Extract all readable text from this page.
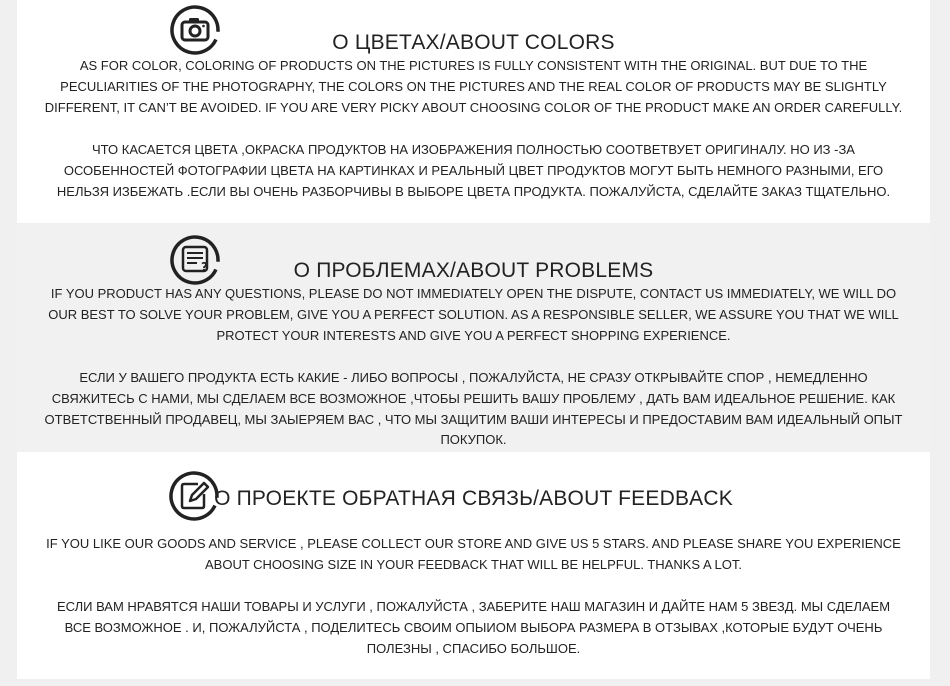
О ЦВЕТАХ/ABOUT COLORS
AS FOR COLOR, COLORING OF PRODUCTS ON THE PICTURES IS FULLY CONSISTENT WITH THE ORIGINAL. BUT DUE TO THE PECULIARITIES OF THE PHOTOGRAPHY, THE COLORS ON THE PICTURES AND THE REAL COLOR OF PRODUCTS MAY BE SLIGHTLY DIFFERENT, IT CAN’T BE AVOIDED. IF YOU ARE VERY PICKY ABOUT CHOOSING COLOR OF THE PRODUCT MAKE AN ORDER CAREFULLY.
ЧТО КАСАЕТСЯ ЦВЕТА ,ОКРАСКА ПРОДУКТОВ НА ИЗОБРАЖЕНИЯ ПОЛНОСТЬЮ СООТВЕТВУЕТ ОРИГИНАЛУ. НО ИЗ -ЗА ОСОБЕННОСТЕЙ ФОТОГРАФИИ ЦВЕТА НА КАРТИНКАХ И РЕАЛЬНЫЙ ЦВЕТ ПРОДУКТОВ МОГУТ БЫТЬ НЕМНОГО РАЗНЫМИ, ЕГО НЕЛЬЗЯ ИЗБЕЖАТЬ .ЕСЛИ ВЫ ОЧЕНЬ РАЗБОРЧИВЫ В ВЫБОРЕ ЦВЕТА ПРОДУКТА. ПОЖАЛУЙСТА, СДЕЛАЙТЕ ЗАКАЗ ТЩАТЕЛЬНО.
?	О ПРОБЛЕМАХ/ABOUT PROBLEMS
IF YOU PRODUCT HAS ANY QUESTIONS, PLEASE DO NOT IMMEDIATELY OPEN THE DISPUTE, CONTACT US IMMEDIATELY, WE WILL DO OUR BEST TO SOLVE YOUR PROBLEM, GIVE YOU A PERFECT SOLUTION. AS A RESPONSIBLE SELLER, WE ASSURE YOU THAT WE WILL PROTECT YOUR INTERESTS AND GIVE YOU A PERFECT SHOPPING EXPERIENCE.
ЕСЛИ У ВАШЕГО ПРОДУКТА ЕСТЬ КАКИЕ - ЛИБО ВОПРОСЫ , ПОЖАЛУЙСТА, НЕ СРАЗУ ОТКРЫВАЙТЕ СПОР , НЕМЕДЛЕННО СВЯЖИТЕСЬ С НАМИ, МЫ СДЕЛАЕМ ВСЕ ВОЗМОЖНОЕ ,ЧТОБЫ РЕШИТЬ ВАШУ ПРОБЛЕМУ , ДАТЬ ВАМ ИДЕАЛЬНОЕ РЕШЕНИЕ. КАК ОТВЕТСТВЕННЫЙ ПРОДАВЕЦ, МЫ ЗАЫЕРЯЕМ ВАС , ЧТО МЫ ЗАЩИТИМ ВАШИ ИНТЕРЕСЫ И ПРЕДОСТАВИМ ВАМ ИДЕАЛЬНЫЙ ОПЫТ ПОКУПОК.
О ПРОЕКТЕ ОБРАТНАЯ СВЯЗЬ/ABOUT FEEDBACK
IF YOU LIKE OUR GOODS AND SERVICE , PLEASE COLLECT OUR STORE AND GIVE US 5 STARS. AND PLEASE SHARE YOU EXPERIENCE ABOUT CHOOSING SIZE IN YOUR FEEDBACK THAT WILL BE HELPFUL. THANKS A LOT.
ЕСЛИ ВАМ НРАВЯТСЯ НАШИ ТОВАРЫ И УСЛУГИ , ПОЖАЛУЙСТА , ЗАБЕРИТЕ НАШ МАГАЗИН И ДАЙТЕ НАМ 5 ЗВЕЗД. МЫ СДЕЛАЕМ ВСЕ ВОЗМОЖНОЕ . И, ПОЖАЛУЙСТА , ПОДЕЛИТЕСЬ СВОИМ ОПЫИОМ ВЫБОРА РАЗМЕРА В ОТЗЫВАХ ,КОТОРЫЕ БУДУТ ОЧЕНЬ ПОЛЕЗНЫ , СПАСИБО БОЛЬШОЕ.
